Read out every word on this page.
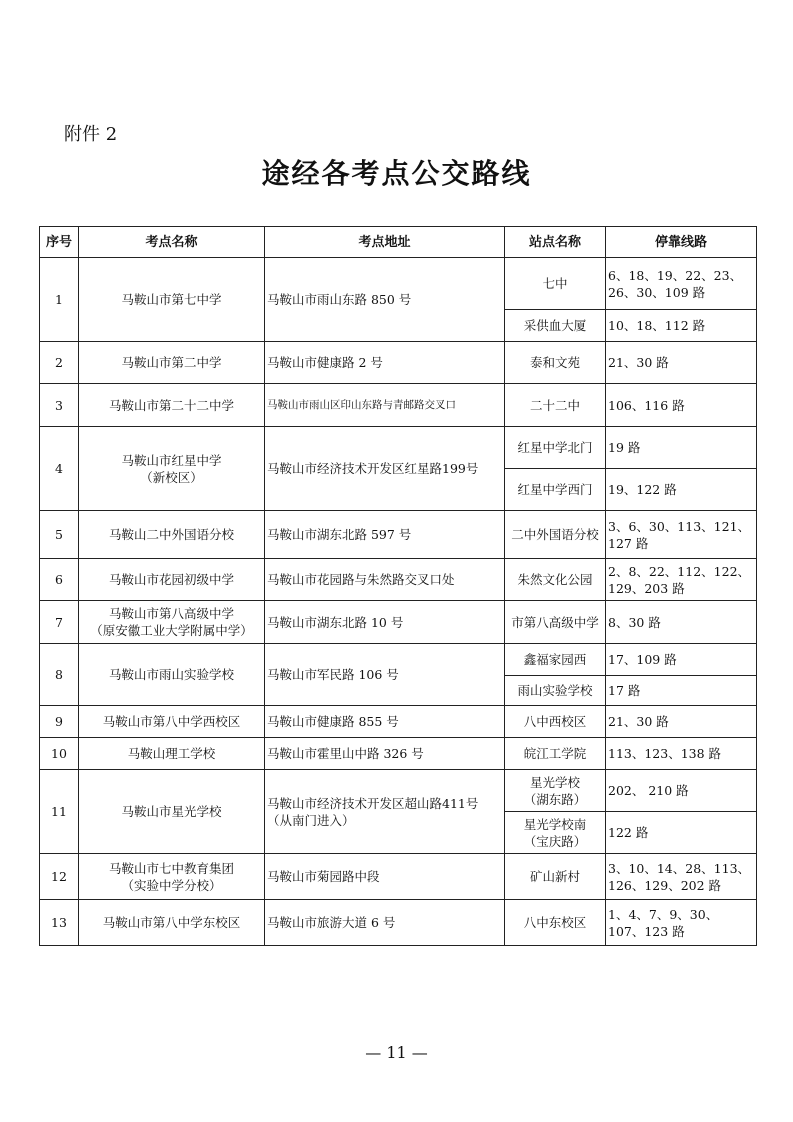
附件 2
途经各考点公交路线
序号	考点名称	考点地址	站点名称	停靠线路
1	马鞍山市第七中学	马鞍山市雨山东路 850 号	七中	6、18、19、22、23、26、30、109 路
			采供血大厦	10、18、112 路
2	马鞍山市第二中学	马鞍山市健康路 2 号	泰和文苑	21、30 路
3	马鞍山市第二十二中学	马鞍山市雨山区印山东路与青邮路交叉口	二十二中	106、116 路
4	马鞍山市红星中学
（新校区）	马鞍山市经济技术开发区红星路199号	红星中学北门	19 路
			红星中学西门	19、122 路
5	马鞍山二中外国语分校	马鞍山市湖东北路 597 号	二中外国语分校	3、6、30、113、121、127 路
6	马鞍山市花园初级中学	马鞍山市花园路与朱然路交叉口处	朱然文化公园	2、8、22、112、122、129、203 路
7	马鞍山市第八高级中学
（原安徽工业大学附属中学）	马鞍山市湖东北路 10 号	市第八高级中学	8、30 路
8	马鞍山市雨山实验学校	马鞍山市军民路 106 号	鑫福家园西	17、109 路
			雨山实验学校	17 路
9	马鞍山市第八中学西校区	马鞍山市健康路 855 号	八中西校区	21、30 路
10	马鞍山理工学校	马鞍山市霍里山中路 326 号	皖江工学院	113、123、138 路
11	马鞍山市星光学校	马鞍山市经济技术开发区超山路411号（从南门进入）	星光学校
（湖东路）	202、 210 路
			星光学校南
（宝庆路）	122 路
12	马鞍山市七中教育集团
（实验中学分校）	马鞍山市菊园路中段	矿山新村	3、10、14、28、113、126、129、202 路
13	马鞍山市第八中学东校区	马鞍山市旅游大道 6 号	八中东校区	1、4、7、9、30、107、123 路
— 11 —
